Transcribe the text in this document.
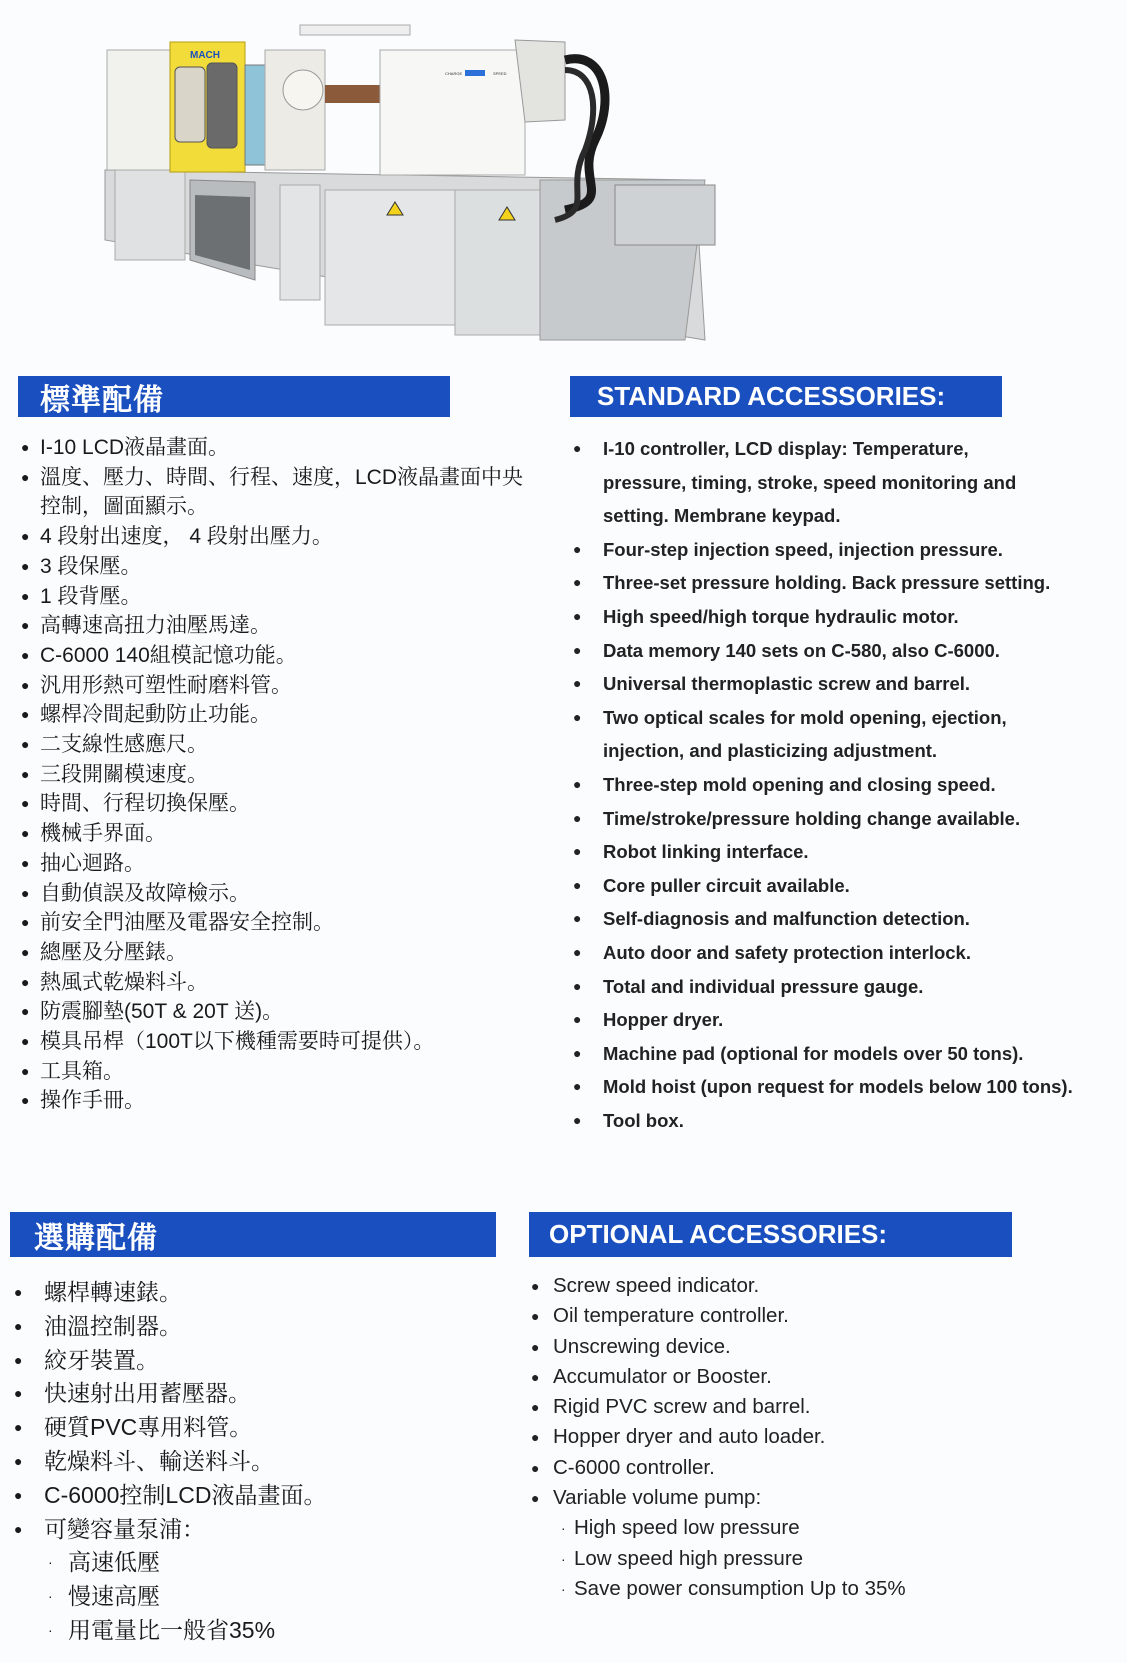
MACH
CHARGE	SPEED
標準配備
● I-10 LCD液晶畫面。
● 溫度、壓力、時間、行程、速度，LCD液晶畫面中央
控制，圖面顯示。
● 4 段射出速度， 4 段射出壓力。
● 3 段保壓。
● 1 段背壓。
● 高轉速高扭力油壓馬達。
● C-6000 140組模記憶功能。
● 汎用形熱可塑性耐磨料管。
● 螺桿冷間起動防止功能。
● 二支線性感應尺。
● 三段開關模速度。
● 時間、行程切換保壓。
● 機械手界面。
● 抽心迴路。
● 自動偵誤及故障檢示。
● 前安全門油壓及電器安全控制。
● 總壓及分壓錶。
● 熱風式乾燥料斗。
● 防震腳墊(50T & 20T 送)。
● 模具吊桿（100T以下機種需要時可提供）。
● 工具箱。
● 操作手冊。
STANDARD ACCESSORIES:
● I-10 controller, LCD display: Temperature,
pressure, timing, stroke, speed monitoring and
setting. Membrane keypad.
● Four-step injection speed, injection pressure.
● Three-set pressure holding. Back pressure setting.
● High speed/high torque hydraulic motor.
● Data memory 140 sets on C-580, also C-6000.
● Universal thermoplastic screw and barrel.
● Two optical scales for mold opening, ejection,
injection, and plasticizing adjustment.
● Three-step mold opening and closing speed.
● Time/stroke/pressure holding change available.
● Robot linking interface.
● Core puller circuit available.
● Self-diagnosis and malfunction detection.
● Auto door and safety protection interlock.
● Total and individual pressure gauge.
● Hopper dryer.
● Machine pad (optional for models over 50 tons).
● Mold hoist (upon request for models below 100 tons).
● Tool box.
選購配備
● 螺桿轉速錶。
● 油溫控制器。
● 絞牙裝置。
● 快速射出用蓄壓器。
● 硬質PVC專用料管。
● 乾燥料斗、輸送料斗。
● C-6000控制LCD液晶畫面。
● 可變容量泵浦：
· 高速低壓
· 慢速高壓
· 用電量比一般省35%
OPTIONAL ACCESSORIES:
● Screw speed indicator.
● Oil temperature controller.
● Unscrewing device.
● Accumulator or Booster.
● Rigid PVC screw and barrel.
● Hopper dryer and auto loader.
● C-6000 controller.
● Variable volume pump:
· High speed low pressure
· Low speed high pressure
· Save power consumption Up to 35%
